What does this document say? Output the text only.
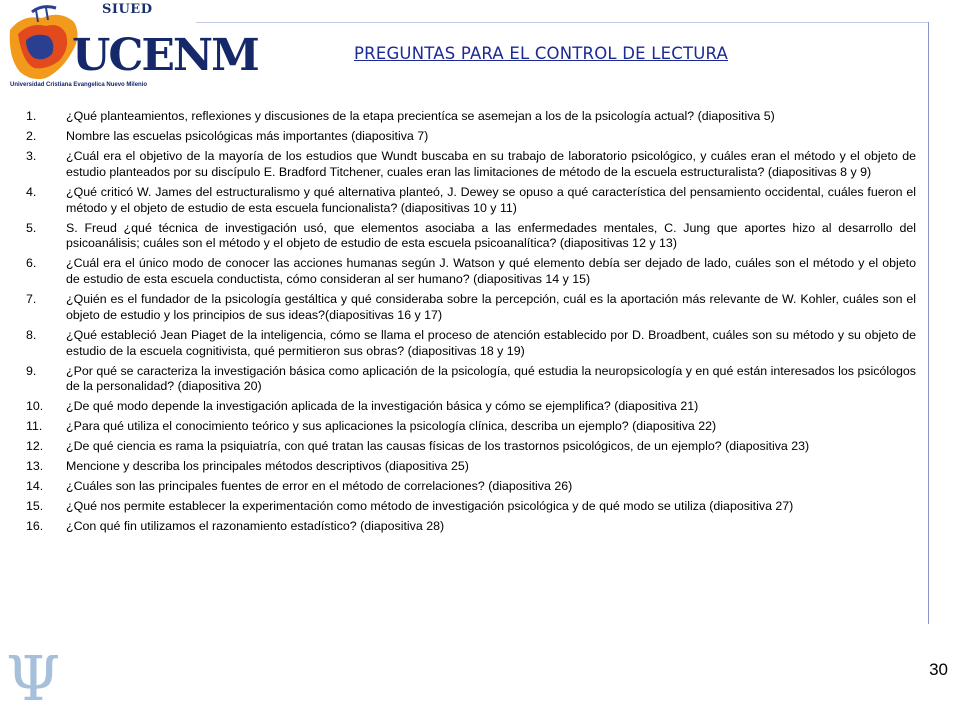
SIUED
UCENM
Universidad Cristiana Evangelica Nuevo Milenio
PREGUNTAS PARA EL CONTROL DE LECTURA
1.	¿Qué planteamientos, reflexiones y discusiones de la etapa precientíca se asemejan a los de la psicología actual? (diapositiva 5)
2.	Nombre las escuelas psicológicas más importantes (diapositiva 7)
3.	¿Cuál era el objetivo de la mayoría de los estudios que Wundt buscaba en su trabajo de laboratorio psicológico, y cuáles eran el método y el objeto de estudio planteados por su discípulo E. Bradford Titchener, cuales eran las limitaciones de método de la escuela estructuralista? (diapositivas 8 y 9)
4.	¿Qué criticó W. James del estructuralismo y qué alternativa planteó, J. Dewey se opuso a qué característica del pensamiento occidental, cuáles fueron el método y el objeto de estudio de esta escuela funcionalista? (diapositivas 10 y 11)
5.	S. Freud ¿qué técnica de investigación usó, que elementos asociaba a las enfermedades mentales, C. Jung que aportes hizo al desarrollo del psicoanálisis; cuáles son el método y el objeto de estudio de esta escuela psicoanalítica? (diapositivas 12 y 13)
6.	¿Cuál era el único modo de conocer las acciones humanas según J. Watson y qué elemento debía ser dejado de lado, cuáles son el método y el objeto de estudio de esta escuela conductista, cómo consideran al ser humano? (diapositivas 14 y 15)
7.	¿Quién es el fundador de la psicología gestáltica y qué consideraba sobre la percepción, cuál es la aportación más relevante de W. Kohler, cuáles son el objeto de estudio y los principios de sus ideas?(diapositivas 16 y 17)
8.	¿Qué estableció Jean Piaget de la inteligencia, cómo se llama el proceso de atención establecido por D. Broadbent, cuáles son su método y su objeto de estudio de la escuela cognitivista, qué permitieron sus obras? (diapositivas 18 y 19)
9.	¿Por qué se caracteriza la investigación básica como aplicación de la psicología, qué estudia la neuropsicología y en qué están interesados los psicólogos de la personalidad? (diapositiva 20)
10.	¿De qué modo depende la investigación aplicada de la investigación básica y cómo se ejemplifica? (diapositiva 21)
11.	¿Para qué utiliza el conocimiento teórico y sus aplicaciones la psicología clínica, describa un ejemplo? (diapositiva 22)
12.	¿De qué ciencia es rama la psiquiatría, con qué tratan las causas físicas de los trastornos psicológicos, de un ejemplo? (diapositiva 23)
13.	Mencione y describa los principales métodos descriptivos (diapositiva 25)
14.	¿Cuáles son las principales fuentes de error en el método de correlaciones? (diapositiva 26)
15.	¿Qué nos permite establecer la experimentación como método de investigación psicológica y de qué modo se utiliza (diapositiva 27)
16.	¿Con qué fin utilizamos el razonamiento estadístico? (diapositiva 28)
Ψ	30
